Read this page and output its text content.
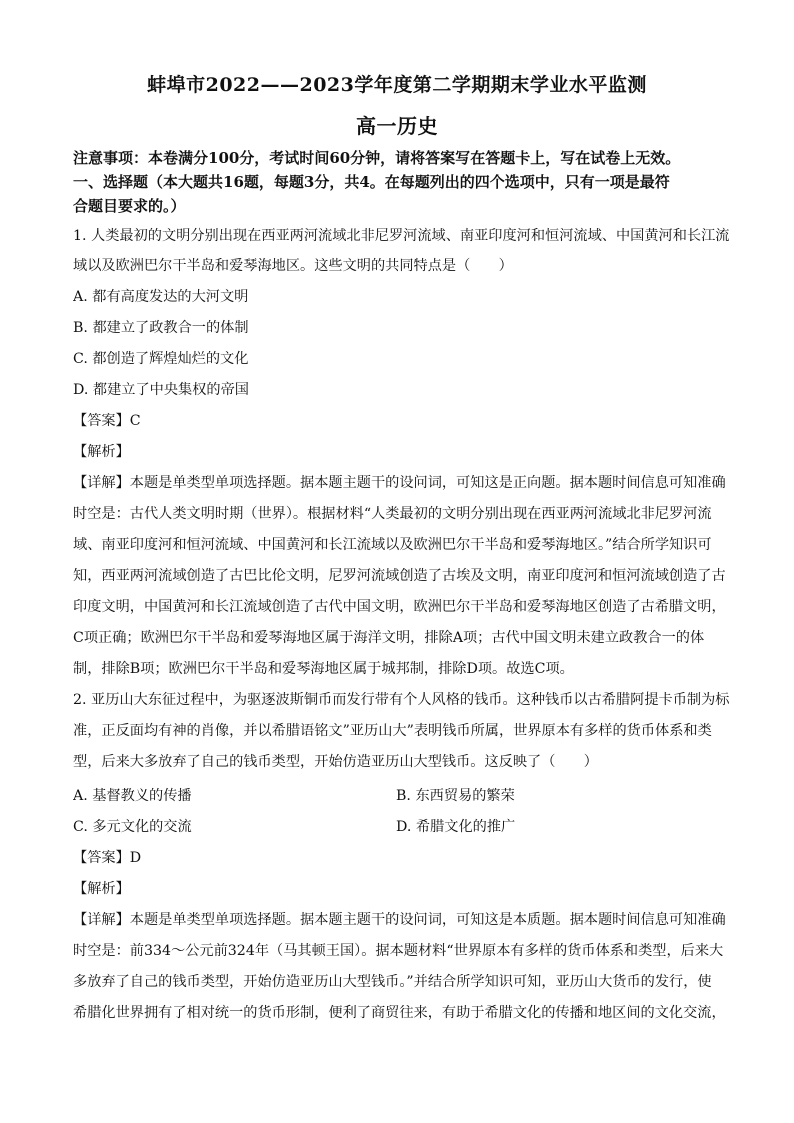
蚌埠市2022——2023学年度第二学期期末学业水平监测
高一历史
注意事项：本卷满分100分，考试时间60分钟，请将答案写在答题卡上，写在试卷上无效。
一、选择题（本大题共16题，每题3分，共4。在每题列出的四个选项中，只有一项是最符
合题目要求的。）
1. 人类最初的文明分别出现在西亚两河流域北非尼罗河流域、南亚印度河和恒河流域、中国黄河和长江流
域以及欧洲巴尔干半岛和爱琴海地区。这些文明的共同特点是（　　）
A. 都有高度发达的大河文明
B. 都建立了政教合一的体制
C. 都创造了辉煌灿烂的文化
D. 都建立了中央集权的帝国
【答案】C
【解析】
【详解】本题是单类型单项选择题。据本题主题干的设问词，可知这是正向题。据本题时间信息可知准确
时空是：古代人类文明时期（世界）。根据材料“人类最初的文明分别出现在西亚两河流域北非尼罗河流
域、南亚印度河和恒河流域、中国黄河和长江流域以及欧洲巴尔干半岛和爱琴海地区。”结合所学知识可
知，西亚两河流域创造了古巴比伦文明，尼罗河流域创造了古埃及文明，南亚印度河和恒河流域创造了古
印度文明，中国黄河和长江流域创造了古代中国文明，欧洲巴尔干半岛和爱琴海地区创造了古希腊文明，
C项正确；欧洲巴尔干半岛和爱琴海地区属于海洋文明，排除A项；古代中国文明未建立政教合一的体
制，排除B项；欧洲巴尔干半岛和爱琴海地区属于城邦制，排除D项。故选C项。
2. 亚历山大东征过程中，为驱逐波斯铜币而发行带有个人风格的钱币。这种钱币以古希腊阿提卡币制为标
准，正反面均有神的肖像，并以希腊语铭文”亚历山大”表明钱币所属，世界原本有多样的货币体系和类
型，后来大多放弃了自己的钱币类型，开始仿造亚历山大型钱币。这反映了（　　）
A. 基督教义的传播	B. 东西贸易的繁荣
C. 多元文化的交流	D. 希腊文化的推广
【答案】D
【解析】
【详解】本题是单类型单项选择题。据本题主题干的设问词，可知这是本质题。据本题时间信息可知准确
时空是：前334～公元前324年（马其顿王国）。据本题材料“世界原本有多样的货币体系和类型，后来大
多放弃了自己的钱币类型，开始仿造亚历山大型钱币。”并结合所学知识可知，亚历山大货币的发行，使
希腊化世界拥有了相对统一的货币形制，便利了商贸往来，有助于希腊文化的传播和地区间的文化交流，
